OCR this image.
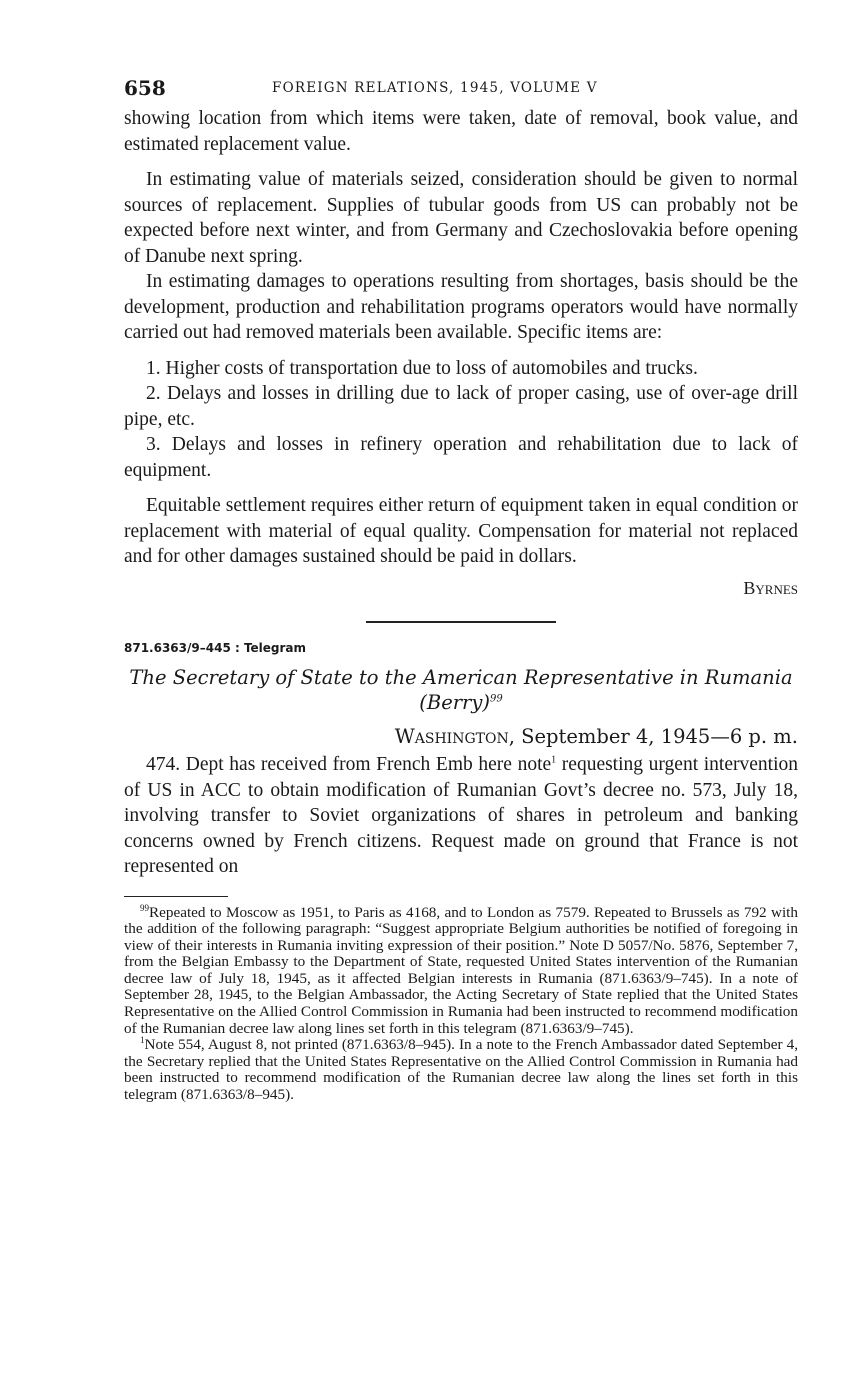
658	FOREIGN RELATIONS, 1945, VOLUME V

showing location from which items were taken, date of removal, book value, and estimated replacement value.

In estimating value of materials seized, consideration should be given to normal sources of replacement. Supplies of tubular goods from US can probably not be expected before next winter, and from Germany and Czechoslovakia before opening of Danube next spring.

In estimating damages to operations resulting from shortages, basis should be the development, production and rehabilitation programs operators would have normally carried out had removed materials been available. Specific items are:

1. Higher costs of transportation due to loss of automobiles and trucks.

2. Delays and losses in drilling due to lack of proper casing, use of over-age drill pipe, etc.

3. Delays and losses in refinery operation and rehabilitation due to lack of equipment.

Equitable settlement requires either return of equipment taken in equal condition or replacement with material of equal quality. Compensation for material not replaced and for other damages sustained should be paid in dollars.

Byrnes

871.6363/9–445 : Telegram
The Secretary of State to the American Representative in Rumania (Berry)$^{99}$
Washington, September 4, 1945—6 p. m.

474. Dept has received from French Emb here note$^1$ requesting urgent intervention of US in ACC to obtain modification of Rumanian Govt’s decree no. 573, July 18, involving transfer to Soviet organizations of shares in petroleum and banking concerns owned by French citizens. Request made on ground that France is not represented on

$^{99}$Repeated to Moscow as 1951, to Paris as 4168, and to London as 7579. Repeated to Brussels as 792 with the addition of the following paragraph: “Suggest appropriate Belgium authorities be notified of foregoing in view of their interests in Rumania inviting expression of their position.” Note D 5057/No. 5876, September 7, from the Belgian Embassy to the Department of State, requested United States intervention of the Rumanian decree law of July 18, 1945, as it affected Belgian interests in Rumania (871.6363/9–745). In a note of September 28, 1945, to the Belgian Ambassador, the Acting Secretary of State replied that the United States Representative on the Allied Control Commission in Rumania had been instructed to recommend modification of the Rumanian decree law along lines set forth in this telegram (871.6363/9–745).

$^1$Note 554, August 8, not printed (871.6363/8–945). In a note to the French Ambassador dated September 4, the Secretary replied that the United States Representative on the Allied Control Commission in Rumania had been instructed to recommend modification of the Rumanian decree law along the lines set forth in this telegram (871.6363/8–945).
